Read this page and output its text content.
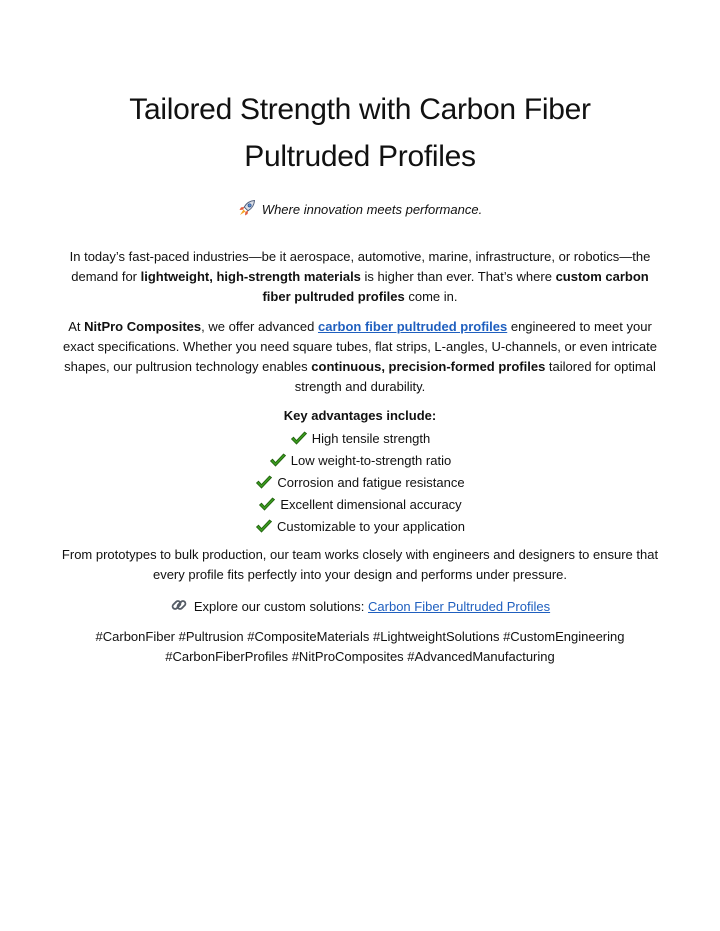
Tailored Strength with Carbon Fiber
Pultruded Profiles
Where innovation meets performance.

In today’s fast-paced industries—be it aerospace, automotive, marine, infrastructure, or robotics—the demand for lightweight, high-strength materials is higher than ever. That’s where custom carbon fiber pultruded profiles come in.

At NitPro Composites, we offer advanced carbon fiber pultruded profiles engineered to meet your exact specifications. Whether you need square tubes, flat strips, L-angles, U-channels, or even intricate shapes, our pultrusion technology enables continuous, precision-formed profiles tailored for optimal strength and durability.

Key advantages include:
High tensile strength
Low weight-to-strength ratio
Corrosion and fatigue resistance
Excellent dimensional accuracy
Customizable to your application

From prototypes to bulk production, our team works closely with engineers and designers to ensure that every profile fits perfectly into your design and performs under pressure.

Explore our custom solutions: Carbon Fiber Pultruded Profiles

#CarbonFiber #Pultrusion #CompositeMaterials #LightweightSolutions #CustomEngineering
#CarbonFiberProfiles #NitProComposites #AdvancedManufacturing
